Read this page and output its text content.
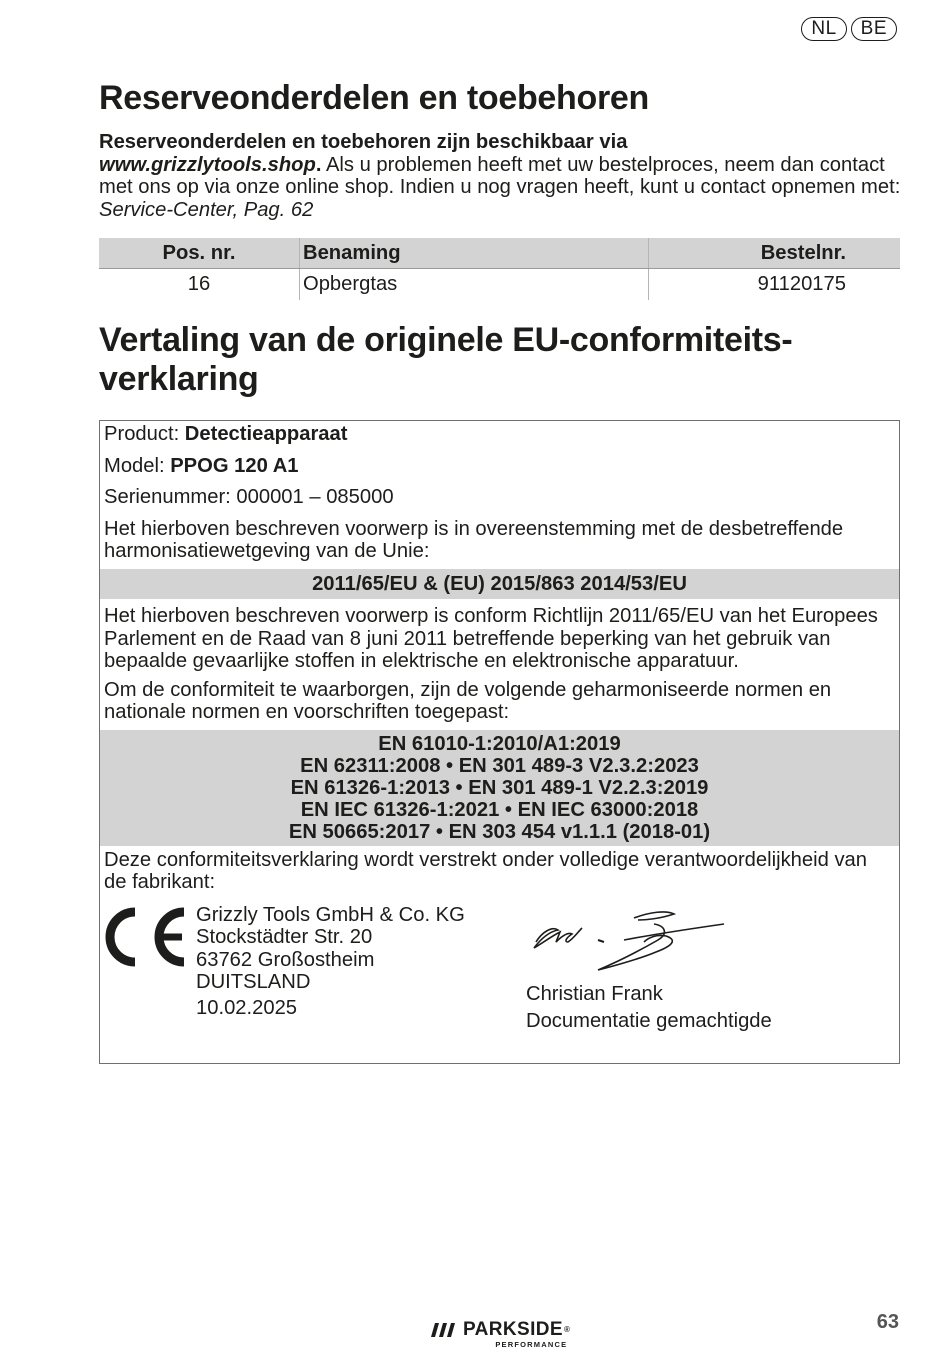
NL	BE
Reserveonderdelen en toebehoren
Reserveonderdelen en toebehoren zijn beschikbaar via
www.grizzlytools.shop. Als u problemen heeft met uw bestelproces, neem dan contact met ons op via onze online shop. Indien u nog vragen heeft, kunt u contact opnemen met: Service-Center, Pag. 62
Pos. nr.	Benaming	Bestelnr.
16	Opbergtas	91120175
Vertaling van de originele EU-conformiteits-
verklaring
Product: Detectieapparaat
Model: PPOG 120 A1
Serienummer: 000001 – 085000
Het hierboven beschreven voorwerp is in overeenstemming met de desbetreffende harmonisatiewetgeving van de Unie:
2011/65/EU & (EU) 2015/863 2014/53/EU
Het hierboven beschreven voorwerp is conform Richtlijn 2011/65/EU van het Europees Parlement en de Raad van 8 juni 2011 betreffende beperking van het gebruik van bepaalde gevaarlijke stoffen in elektrische en elektronische apparatuur.
Om de conformiteit te waarborgen, zijn de volgende geharmoniseerde normen en nationale normen en voorschriften toegepast:
EN 61010-1:2010/A1:2019
EN 62311:2008 • EN 301 489-3 V2.3.2:2023
EN 61326-1:2013 • EN 301 489-1 V2.2.3:2019
EN IEC 61326-1:2021 • EN IEC 63000:2018
EN 50665:2017 • EN 303 454 v1.1.1 (2018-01)
Deze conformiteitsverklaring wordt verstrekt onder volledige verantwoordelijkheid van de fabrikant:
Grizzly Tools GmbH & Co. KG
Stockstädter Str. 20
63762 Großostheim
DUITSLAND
10.02.2025
Christian Frank
Documentatie gemachtigde
PARKSIDE ®
PERFORMANCE
63
